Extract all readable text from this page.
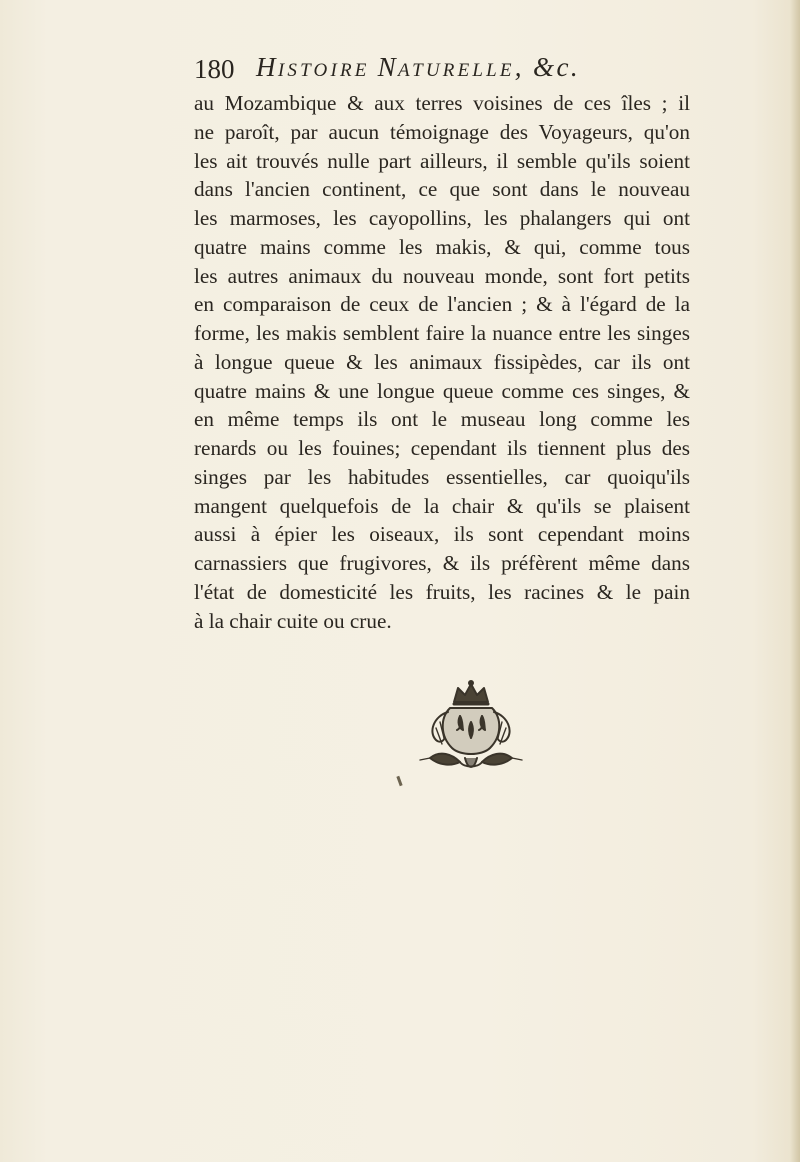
180 HISTOIRE NATURELLE, &c.
au Mozambique & aux terres voisines de ces îles ; il
ne paroît, par aucun témoignage des Voyageurs, qu'on
les ait trouvés nulle part ailleurs, il semble qu'ils soient
dans l'ancien continent, ce que sont dans le nouveau
les marmoses, les cayopollins, les phalangers qui ont
quatre mains comme les makis, & qui, comme tous
les autres animaux du nouveau monde, sont fort petits
en comparaison de ceux de l'ancien ; & à l'égard de la
forme, les makis semblent faire la nuance entre les singes
à longue queue & les animaux fissipèdes, car ils ont
quatre mains & une longue queue comme ces singes, &
en même temps ils ont le museau long comme les
renards ou les fouines; cependant ils tiennent plus des
singes par les habitudes essentielles, car quoiqu'ils
mangent quelquefois de la chair & qu'ils se plaisent
aussi à épier les oiseaux, ils sont cependant moins
carnassiers que frugivores, & ils préfèrent même dans
l'état de domesticité les fruits, les racines & le pain
à la chair cuite ou crue.
